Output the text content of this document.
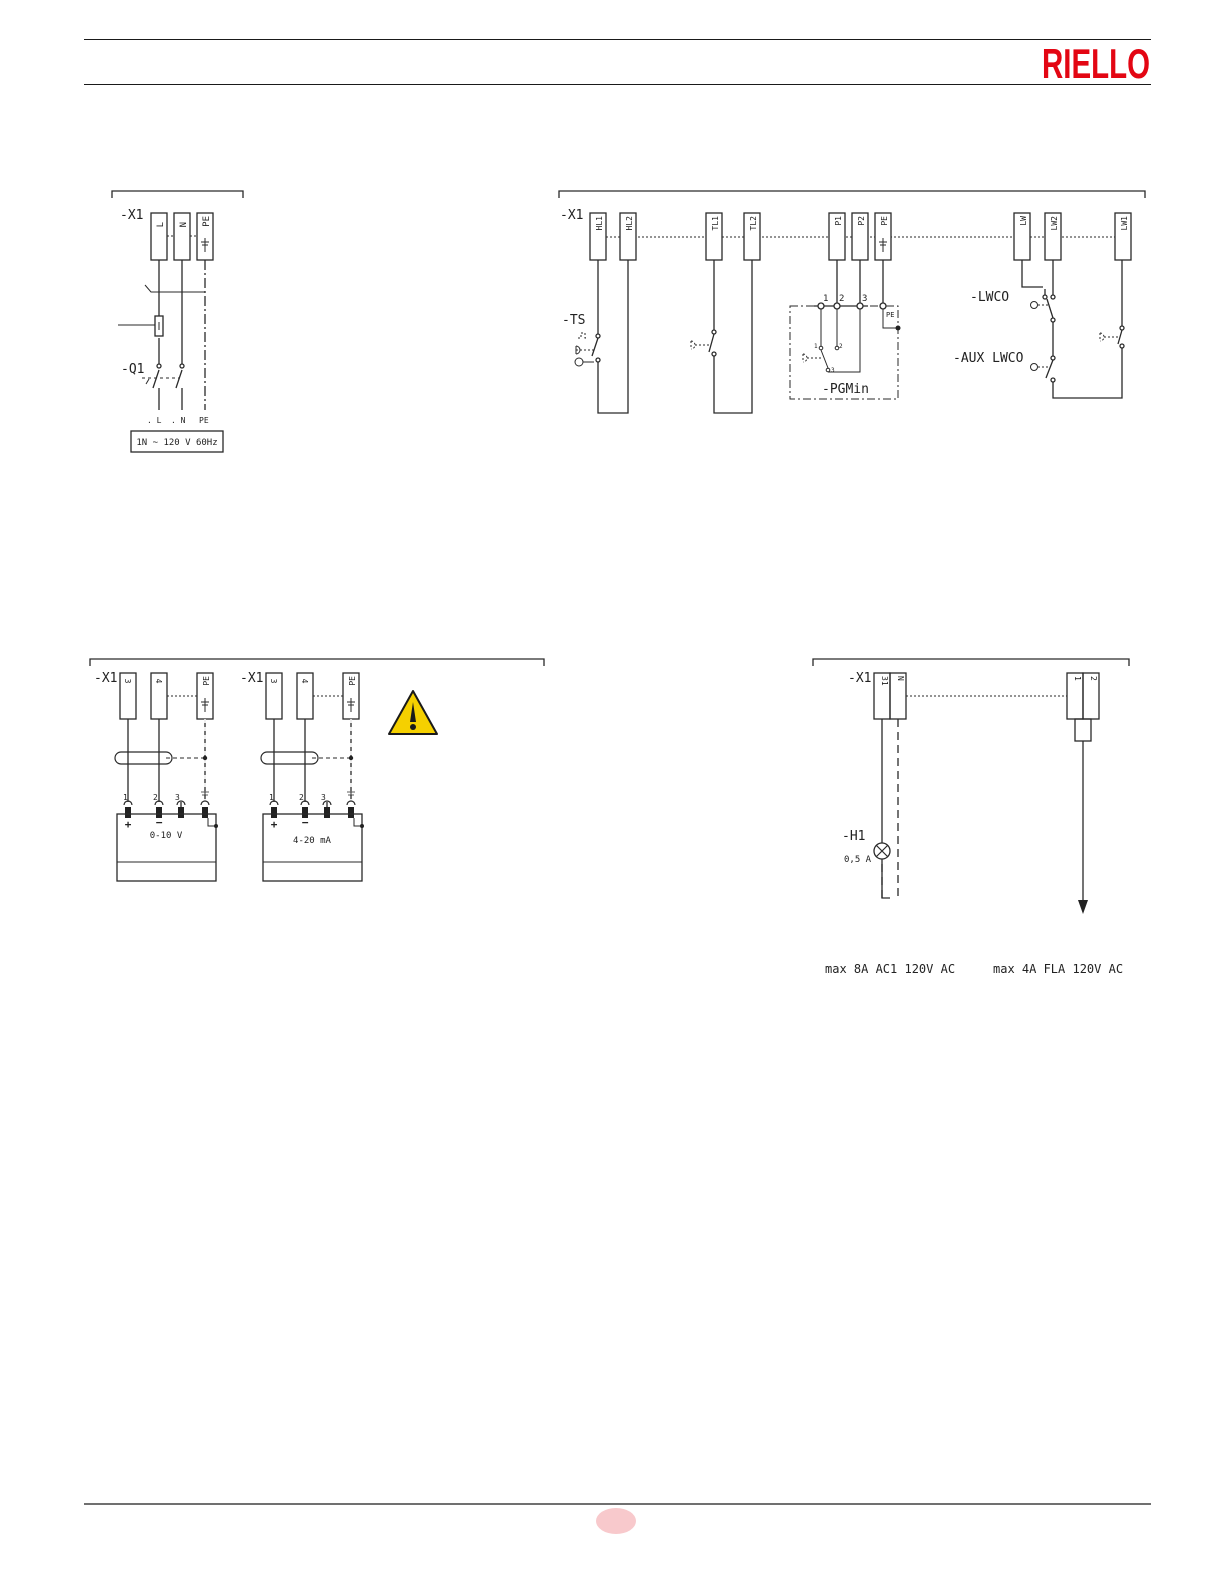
RIELLO
-X1
L N PE
-Q1
. L . N PE
1N ~ 120 V 60Hz
-X1
HL1	HL2	TL1	TL2	P1 P2 PE	LW	LW2	LW1
-TS
1 2 3
PE
1	2
3
-PGMin
-LWCO
-AUX LWCO
-X1 3	4	PE
1	2 3
+ −
0-10 V
-X1 3	4	PE
1	2 3
+ −
4-20 mA
-X1 31 N	1 2
-H1
0,5 A
max 8A AC1 120V AC	max 4A FLA 120V AC
